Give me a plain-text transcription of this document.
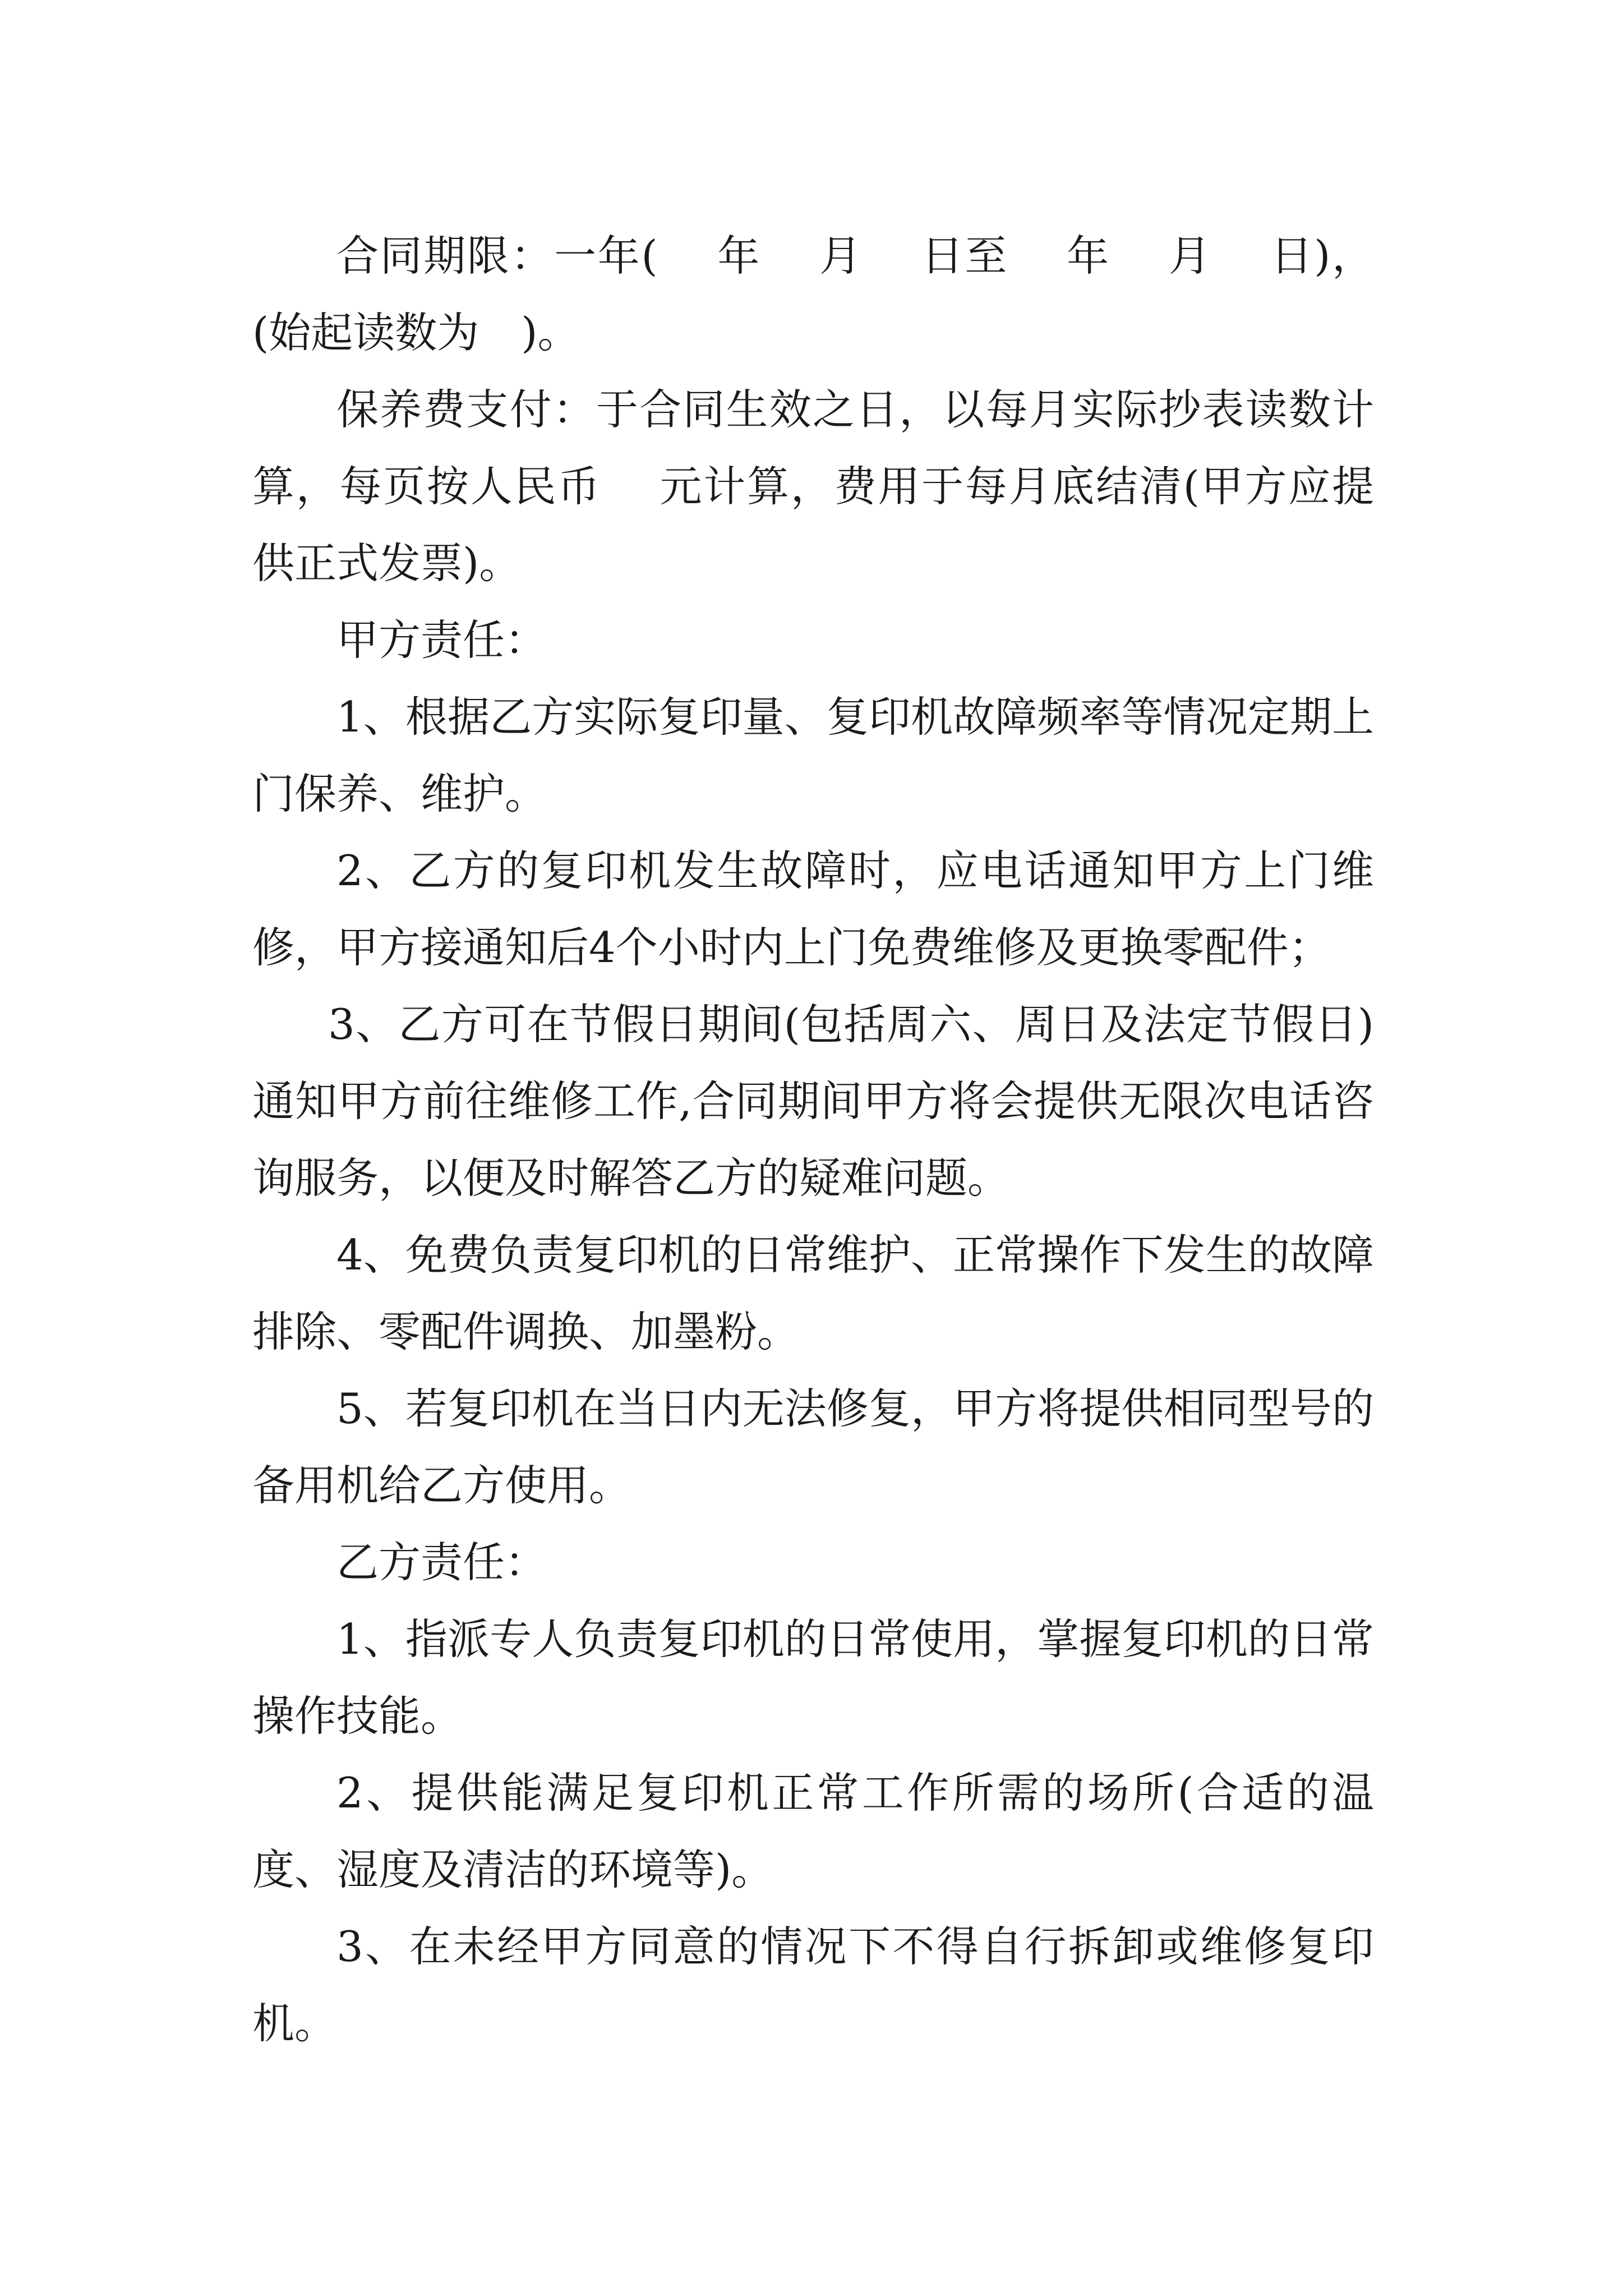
合同期限：一年(　 年　 月　 日至　 年　 月　 日)，(始起读数为　)。

保养费支付：于合同生效之日，以每月实际抄表读数计算，每页按人民币　 元计算，费用于每月底结清(甲方应提供正式发票)。

甲方责任：

1、根据乙方实际复印量、复印机故障频率等情况定期上门保养、维护。

2、乙方的复印机发生故障时，应电话通知甲方上门维修，甲方接通知后4个小时内上门免费维修及更换零配件；

3、乙方可在节假日期间(包括周六、周日及法定节假日)通知甲方前往维修工作,合同期间甲方将会提供无限次电话咨询服务，以便及时解答乙方的疑难问题。

4、免费负责复印机的日常维护、正常操作下发生的故障排除、零配件调换、加墨粉。

5、若复印机在当日内无法修复，甲方将提供相同型号的备用机给乙方使用。

乙方责任：

1、指派专人负责复印机的日常使用，掌握复印机的日常操作技能。

2、提供能满足复印机正常工作所需的场所(合适的温度、湿度及清洁的环境等)。

3、在未经甲方同意的情况下不得自行拆卸或维修复印机。
